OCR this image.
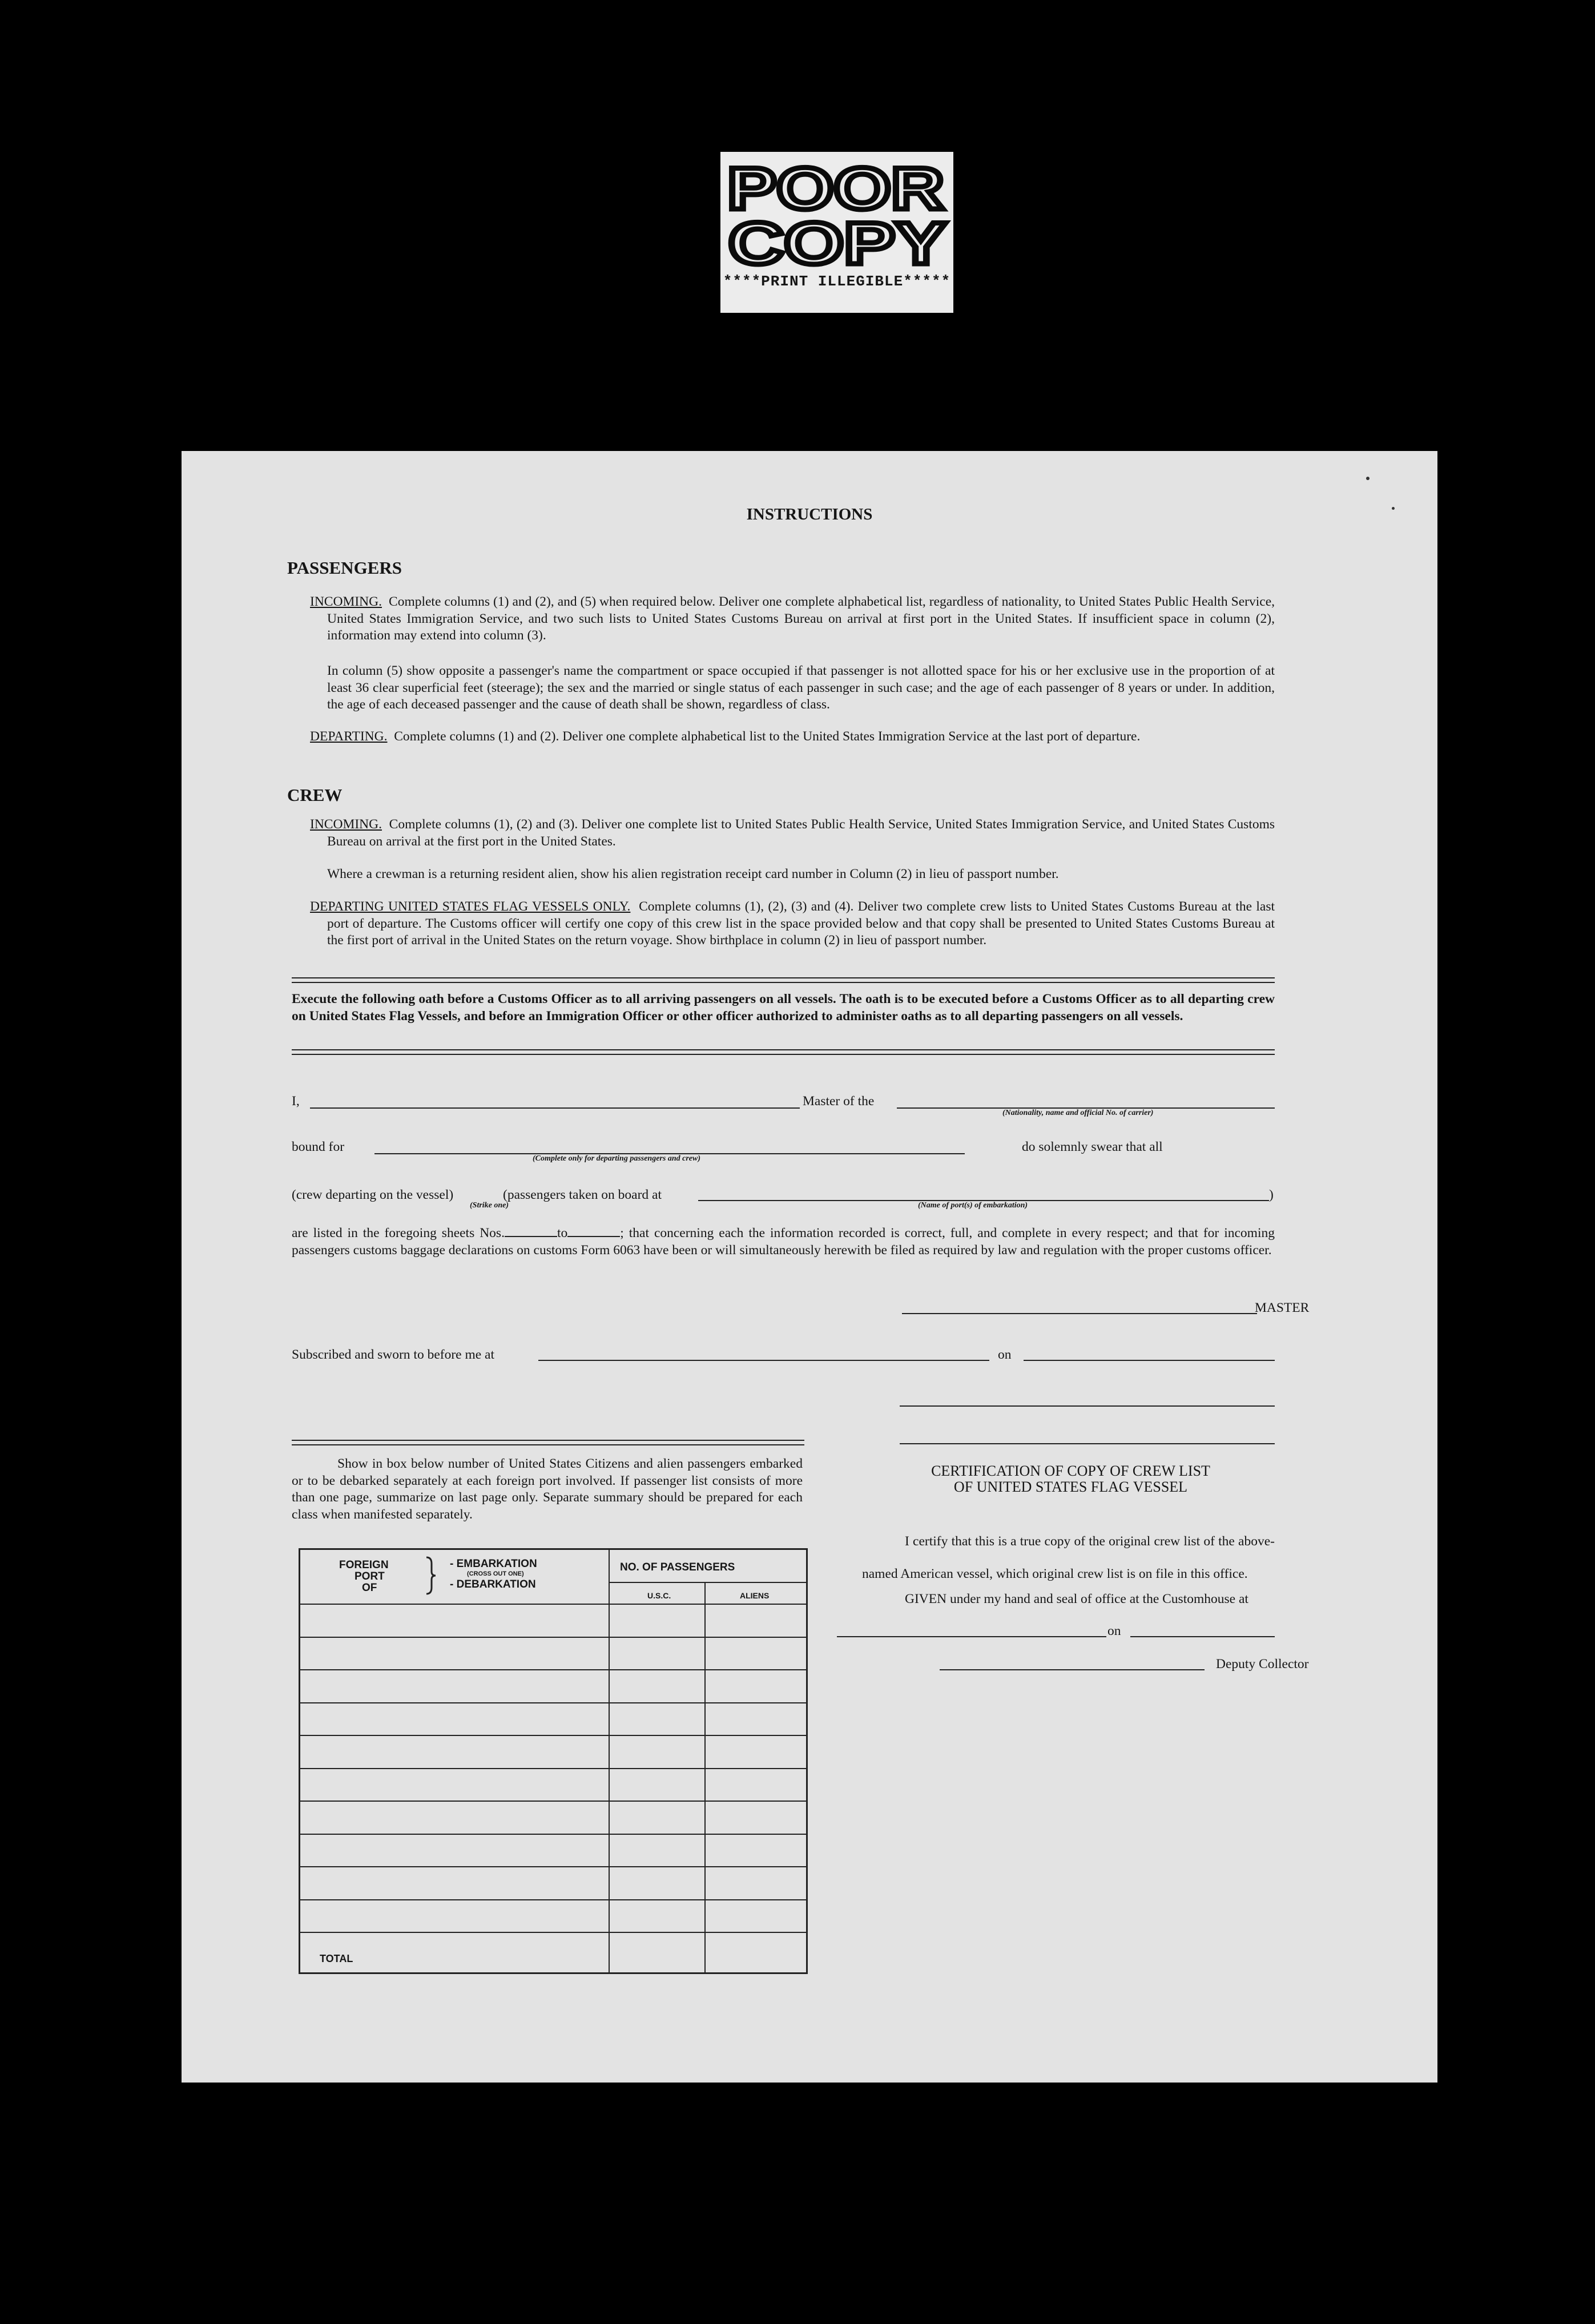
POOR
COPY
****PRINT ILLEGIBLE*****

INSTRUCTIONS
PASSENGERS

INCOMING. Complete columns (1) and (2), and (5) when required below. Deliver one complete alphabetical list, regardless of nationality, to United States Public Health Service, United States Immigration Service, and two such lists to United States Customs Bureau on arrival at first port in the United States. If insufficient space in column (2), information may extend into column (3).

In column (5) show opposite a passenger's name the compartment or space occupied if that passenger is not allotted space for his or her exclusive use in the proportion of at least 36 clear superficial feet (steerage); the sex and the married or single status of each passenger in such case; and the age of each passenger of 8 years or under. In addition, the age of each deceased passenger and the cause of death shall be shown, regardless of class.

DEPARTING. Complete columns (1) and (2). Deliver one complete alphabetical list to the United States Immigration Service at the last port of departure.

CREW

INCOMING. Complete columns (1), (2) and (3). Deliver one complete list to United States Public Health Service, United States Immigration Service, and United States Customs Bureau on arrival at the first port in the United States.

Where a crewman is a returning resident alien, show his alien registration receipt card number in Column (2) in lieu of passport number.

DEPARTING UNITED STATES FLAG VESSELS ONLY. Complete columns (1), (2), (3) and (4). Deliver two complete crew lists to United States Customs Bureau at the last port of departure. The Customs officer will certify one copy of this crew list in the space provided below and that copy shall be presented to United States Customs Bureau at the first port of arrival in the United States on the return voyage. Show birthplace in column (2) in lieu of passport number.

Execute the following oath before a Customs Officer as to all arriving passengers on all vessels. The oath is to be executed before a Customs Officer as to all departing crew on United States Flag Vessels, and before an Immigration Officer or other officer authorized to administer oaths as to all departing passengers on all vessels.

I,	Master of the
(Nationality, name and official No. of carrier)
bound for
(Complete only for departing passengers and crew)
do solemnly swear that all
(crew departing on the vessel)	(passengers taken on board at	)
(Strike one)	(Name of port(s) of embarkation)

are listed in the foregoing sheets Nos.	to	; that concerning each the information recorded is correct, full, and complete in every respect; and that for incoming passengers customs baggage declarations on customs Form 6063 have been or will simultaneously herewith be filed as required by law and regulation with the proper customs officer.

MASTER
Subscribed and sworn to before me at	on

Show in box below number of United States Citizens and alien passengers embarked or to be debarked separately at each foreign port involved. If passenger list consists of more than one page, summarize on last page only. Separate summary should be prepared for each class when manifested separately.

FOREIGN
PORT
OF
- EMBARKATION
(CROSS OUT ONE)
- DEBARKATION
NO. OF PASSENGERS
U.S.C.	ALIENS
TOTAL
CERTIFICATION OF COPY OF CREW LIST
OF UNITED STATES FLAG VESSEL

I certify that this is a true copy of the original crew list of the above-named American vessel, which original crew list is on file in this office.

GIVEN under my hand and seal of office at the Customhouse at
on
Deputy Collector
